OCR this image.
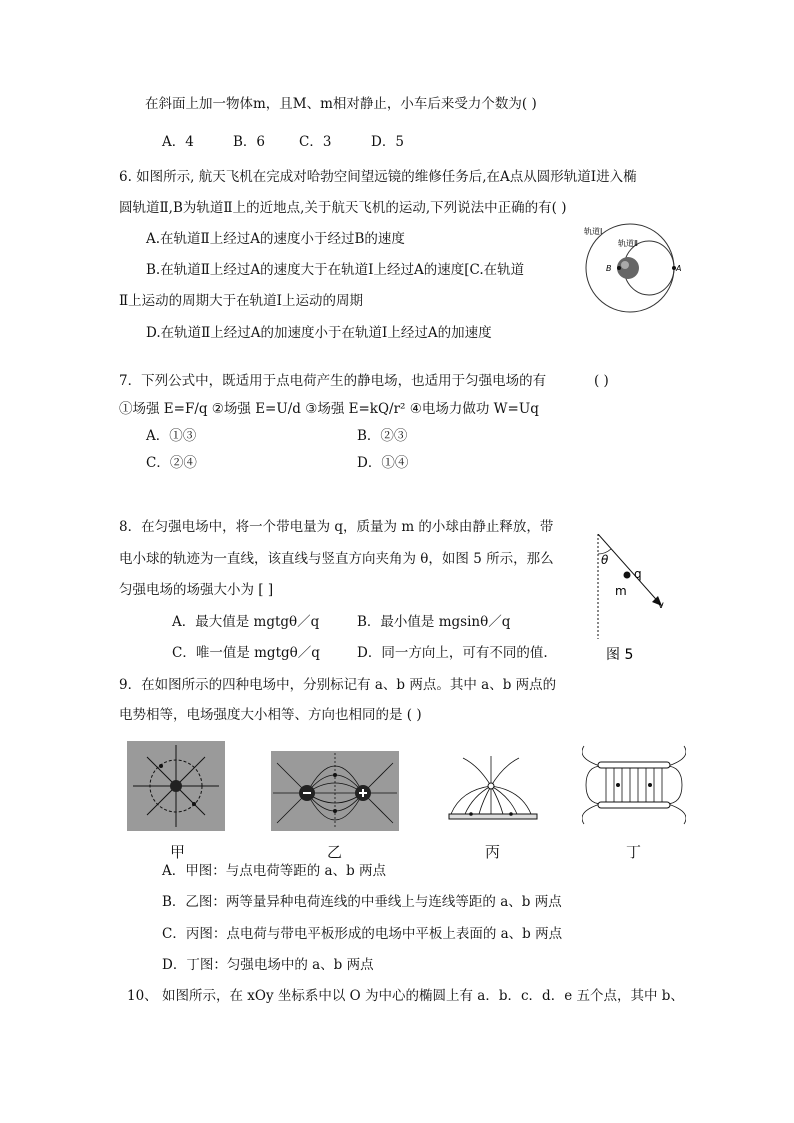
在斜面上加一物体m，且M、m相对静止，小车后来受力个数为( )
A．4	B．6	C．3	D．5
6. 如图所示, 航天飞机在完成对哈勃空间望远镜的维修任务后,在A点从圆形轨道Ⅰ进入椭
圆轨道Ⅱ,B为轨道Ⅱ上的近地点,关于航天飞机的运动,下列说法中正确的有( )
A.在轨道Ⅱ上经过A的速度小于经过B的速度
B.在轨道Ⅱ上经过A的速度大于在轨道Ⅰ上经过A的速度[C.在轨道
Ⅱ上运动的周期大于在轨道Ⅰ上运动的周期
D.在轨道Ⅱ上经过A的加速度小于在轨道Ⅰ上经过A的加速度
轨道Ⅰ
轨道Ⅱ
B	A
7．下列公式中，既适用于点电荷产生的静电场，也适用于匀强电场的有	( )
①场强 E=F/q ②场强 E=U/d ③场强 E=kQ/r² ④电场力做功 W=Uq
A．①③	B．②③
C．②④	D．①④
8．在匀强电场中，将一个带电量为 q，质量为 m 的小球由静止释放，带
电小球的轨迹为一直线，该直线与竖直方向夹角为 θ，如图 5 所示，那么
匀强电场的场强大小为 [ ]
A．最大值是 mgtgθ／q	B．最小值是 mgsinθ／q
C．唯一值是 mgtgθ／q	D．同一方向上，可有不同的值.
θ
q
m
v
图 5
9．在如图所示的四种电场中，分别标记有 a、b 两点。其中 a、b 两点的
电势相等，电场强度大小相等、方向也相同的是 ( )
甲	乙	丙	丁
A．甲图：与点电荷等距的 a、b 两点
B．乙图：两等量异种电荷连线的中垂线上与连线等距的 a、b 两点
C．丙图：点电荷与带电平板形成的电场中平板上表面的 a、b 两点
D．丁图：匀强电场中的 a、b 两点
10、 如图所示，在 xOy 坐标系中以 O 为中心的椭圆上有 a．b．c．d．e 五个点，其中 b、
